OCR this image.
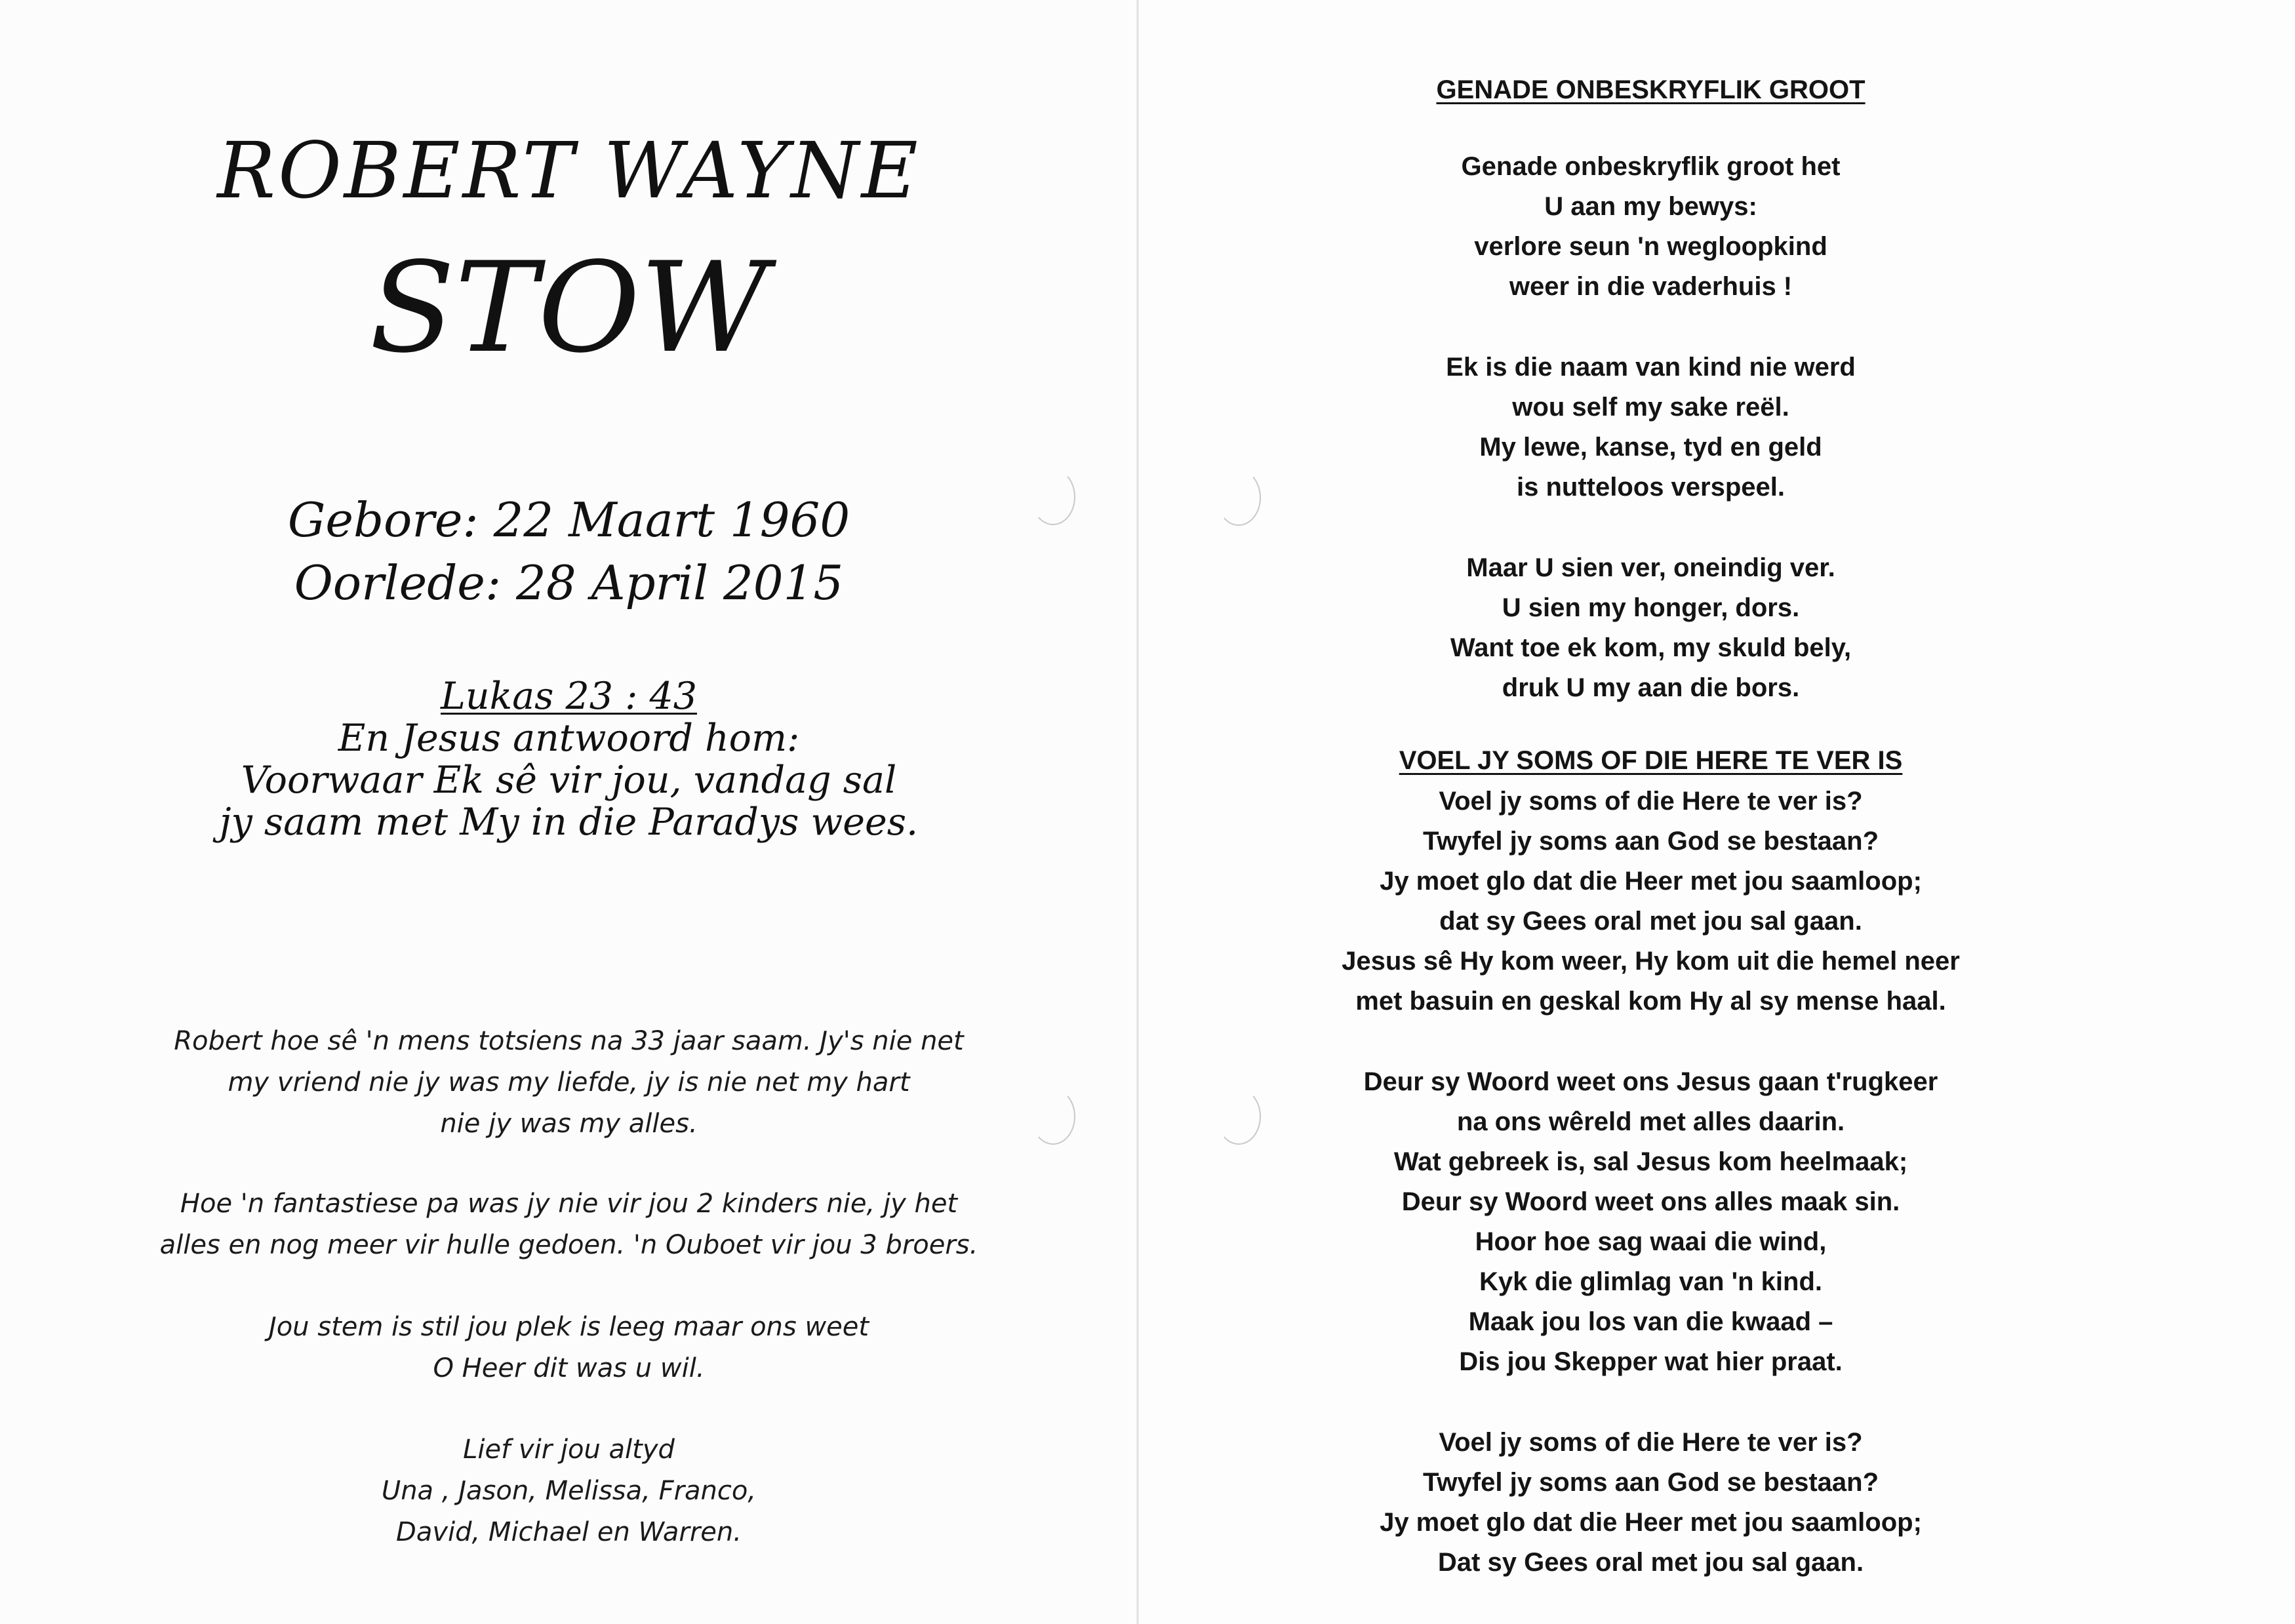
ROBERT WAYNE
STOW
Gebore: 22 Maart 1960
Oorlede: 28 April 2015
Lukas 23 : 43
En Jesus antwoord hom:
Voorwaar Ek sê vir jou, vandag sal
jy saam met My in die Paradys wees.
Robert hoe sê 'n mens totsiens na 33 jaar saam. Jy's nie net
my vriend nie jy was my liefde, jy is nie net my hart
nie jy was my alles.
Hoe 'n fantastiese pa was jy nie vir jou 2 kinders nie, jy het
alles en nog meer vir hulle gedoen. 'n Ouboet vir jou 3 broers.
Jou stem is stil jou plek is leeg maar ons weet
O Heer dit was u wil.
Lief vir jou altyd
Una , Jason, Melissa, Franco,
David, Michael en Warren.
GENADE ONBESKRYFLIK GROOT
Genade onbeskryflik groot het
U aan my bewys:
verlore seun 'n wegloopkind
weer in die vaderhuis !
Ek is die naam van kind nie werd
wou self my sake reël.
My lewe, kanse, tyd en geld
is nutteloos verspeel.
Maar U sien ver, oneindig ver.
U sien my honger, dors.
Want toe ek kom, my skuld bely,
druk U my aan die bors.
VOEL JY SOMS OF DIE HERE TE VER IS
Voel jy soms of die Here te ver is?
Twyfel jy soms aan God se bestaan?
Jy moet glo dat die Heer met jou saamloop;
dat sy Gees oral met jou sal gaan.
Jesus sê Hy kom weer, Hy kom uit die hemel neer
met basuin en geskal kom Hy al sy mense haal.
Deur sy Woord weet ons Jesus gaan t'rugkeer
na ons wêreld met alles daarin.
Wat gebreek is, sal Jesus kom heelmaak;
Deur sy Woord weet ons alles maak sin.
Hoor hoe sag waai die wind,
Kyk die glimlag van 'n kind.
Maak jou los van die kwaad –
Dis jou Skepper wat hier praat.
Voel jy soms of die Here te ver is?
Twyfel jy soms aan God se bestaan?
Jy moet glo dat die Heer met jou saamloop;
Dat sy Gees oral met jou sal gaan.
